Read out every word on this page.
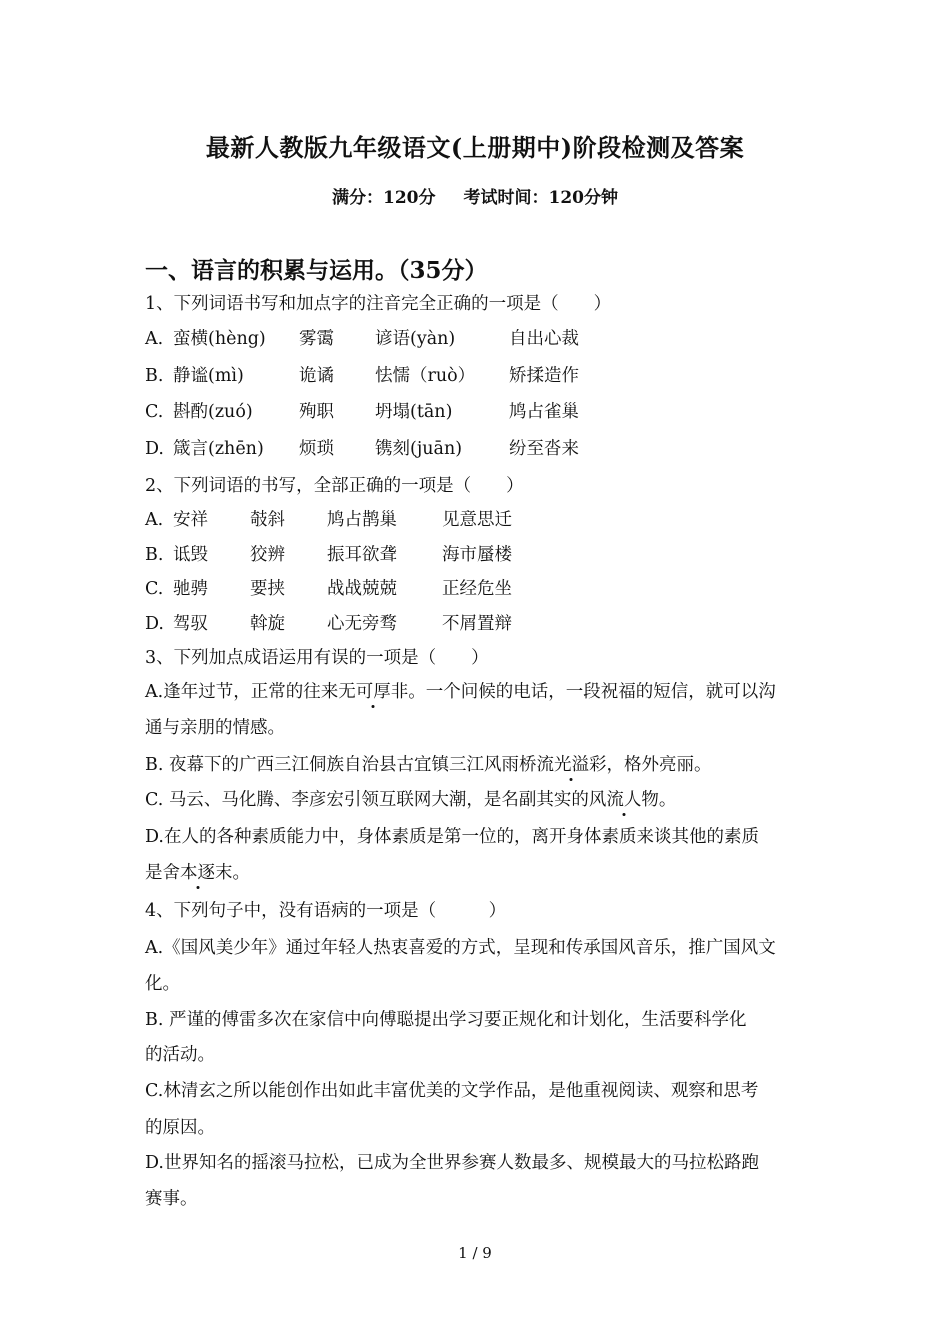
最新人教版九年级语文(上册期中)阶段检测及答案
满分：120分 考试时间：120分钟
一、语言的积累与运用。（35分）
1、下列词语书写和加点字的注音完全正确的一项是（　　）
A. 蛮横(hèng) 雾霭 谚语(yàn)	自出心裁
B. 静谧(mì)	诡谲 怯懦（ruò） 矫揉造作
C. 斟酌(zuó)	殉职 坍塌(tān)	鸠占雀巢
D. 箴言(zhēn) 烦琐 镌刻(juān)	纷至沓来
2、下列词语的书写，全部正确的一项是（　　）
A. 安祥 攲斜 鸠占鹊巢	见意思迁
B. 诋毁 狡辨 振耳欲聋	海市蜃楼
C. 驰骋 要挟 战战兢兢	正经危坐
D. 驾驭 斡旋 心无旁骛	不屑置辩
3、下列加点成语运用有误的一项是（　　）
A.逢年过节，正常的往来无可厚非。一个问候的电话，一段祝福的短信，就可以沟
通与亲朋的情感。
B. 夜幕下的广西三江侗族自治县古宜镇三江风雨桥流光溢彩，格外亮丽。
C. 马云、马化腾、李彦宏引领互联网大潮，是名副其实的风流人物。
D.在人的各种素质能力中，身体素质是第一位的，离开身体素质来谈其他的素质
是舍本逐末。
4、下列句子中，没有语病的一项是（　　　）
A.《国风美少年》通过年轻人热衷喜爱的方式，呈现和传承国风音乐，推广国风文
化。
B. 严谨的傅雷多次在家信中向傅聪提出学习要正规化和计划化，生活要科学化
的活动。
C.林清玄之所以能创作出如此丰富优美的文学作品，是他重视阅读、观察和思考
的原因。
D.世界知名的摇滚马拉松，已成为全世界参赛人数最多、规模最大的马拉松路跑
赛事。
1 / 9
